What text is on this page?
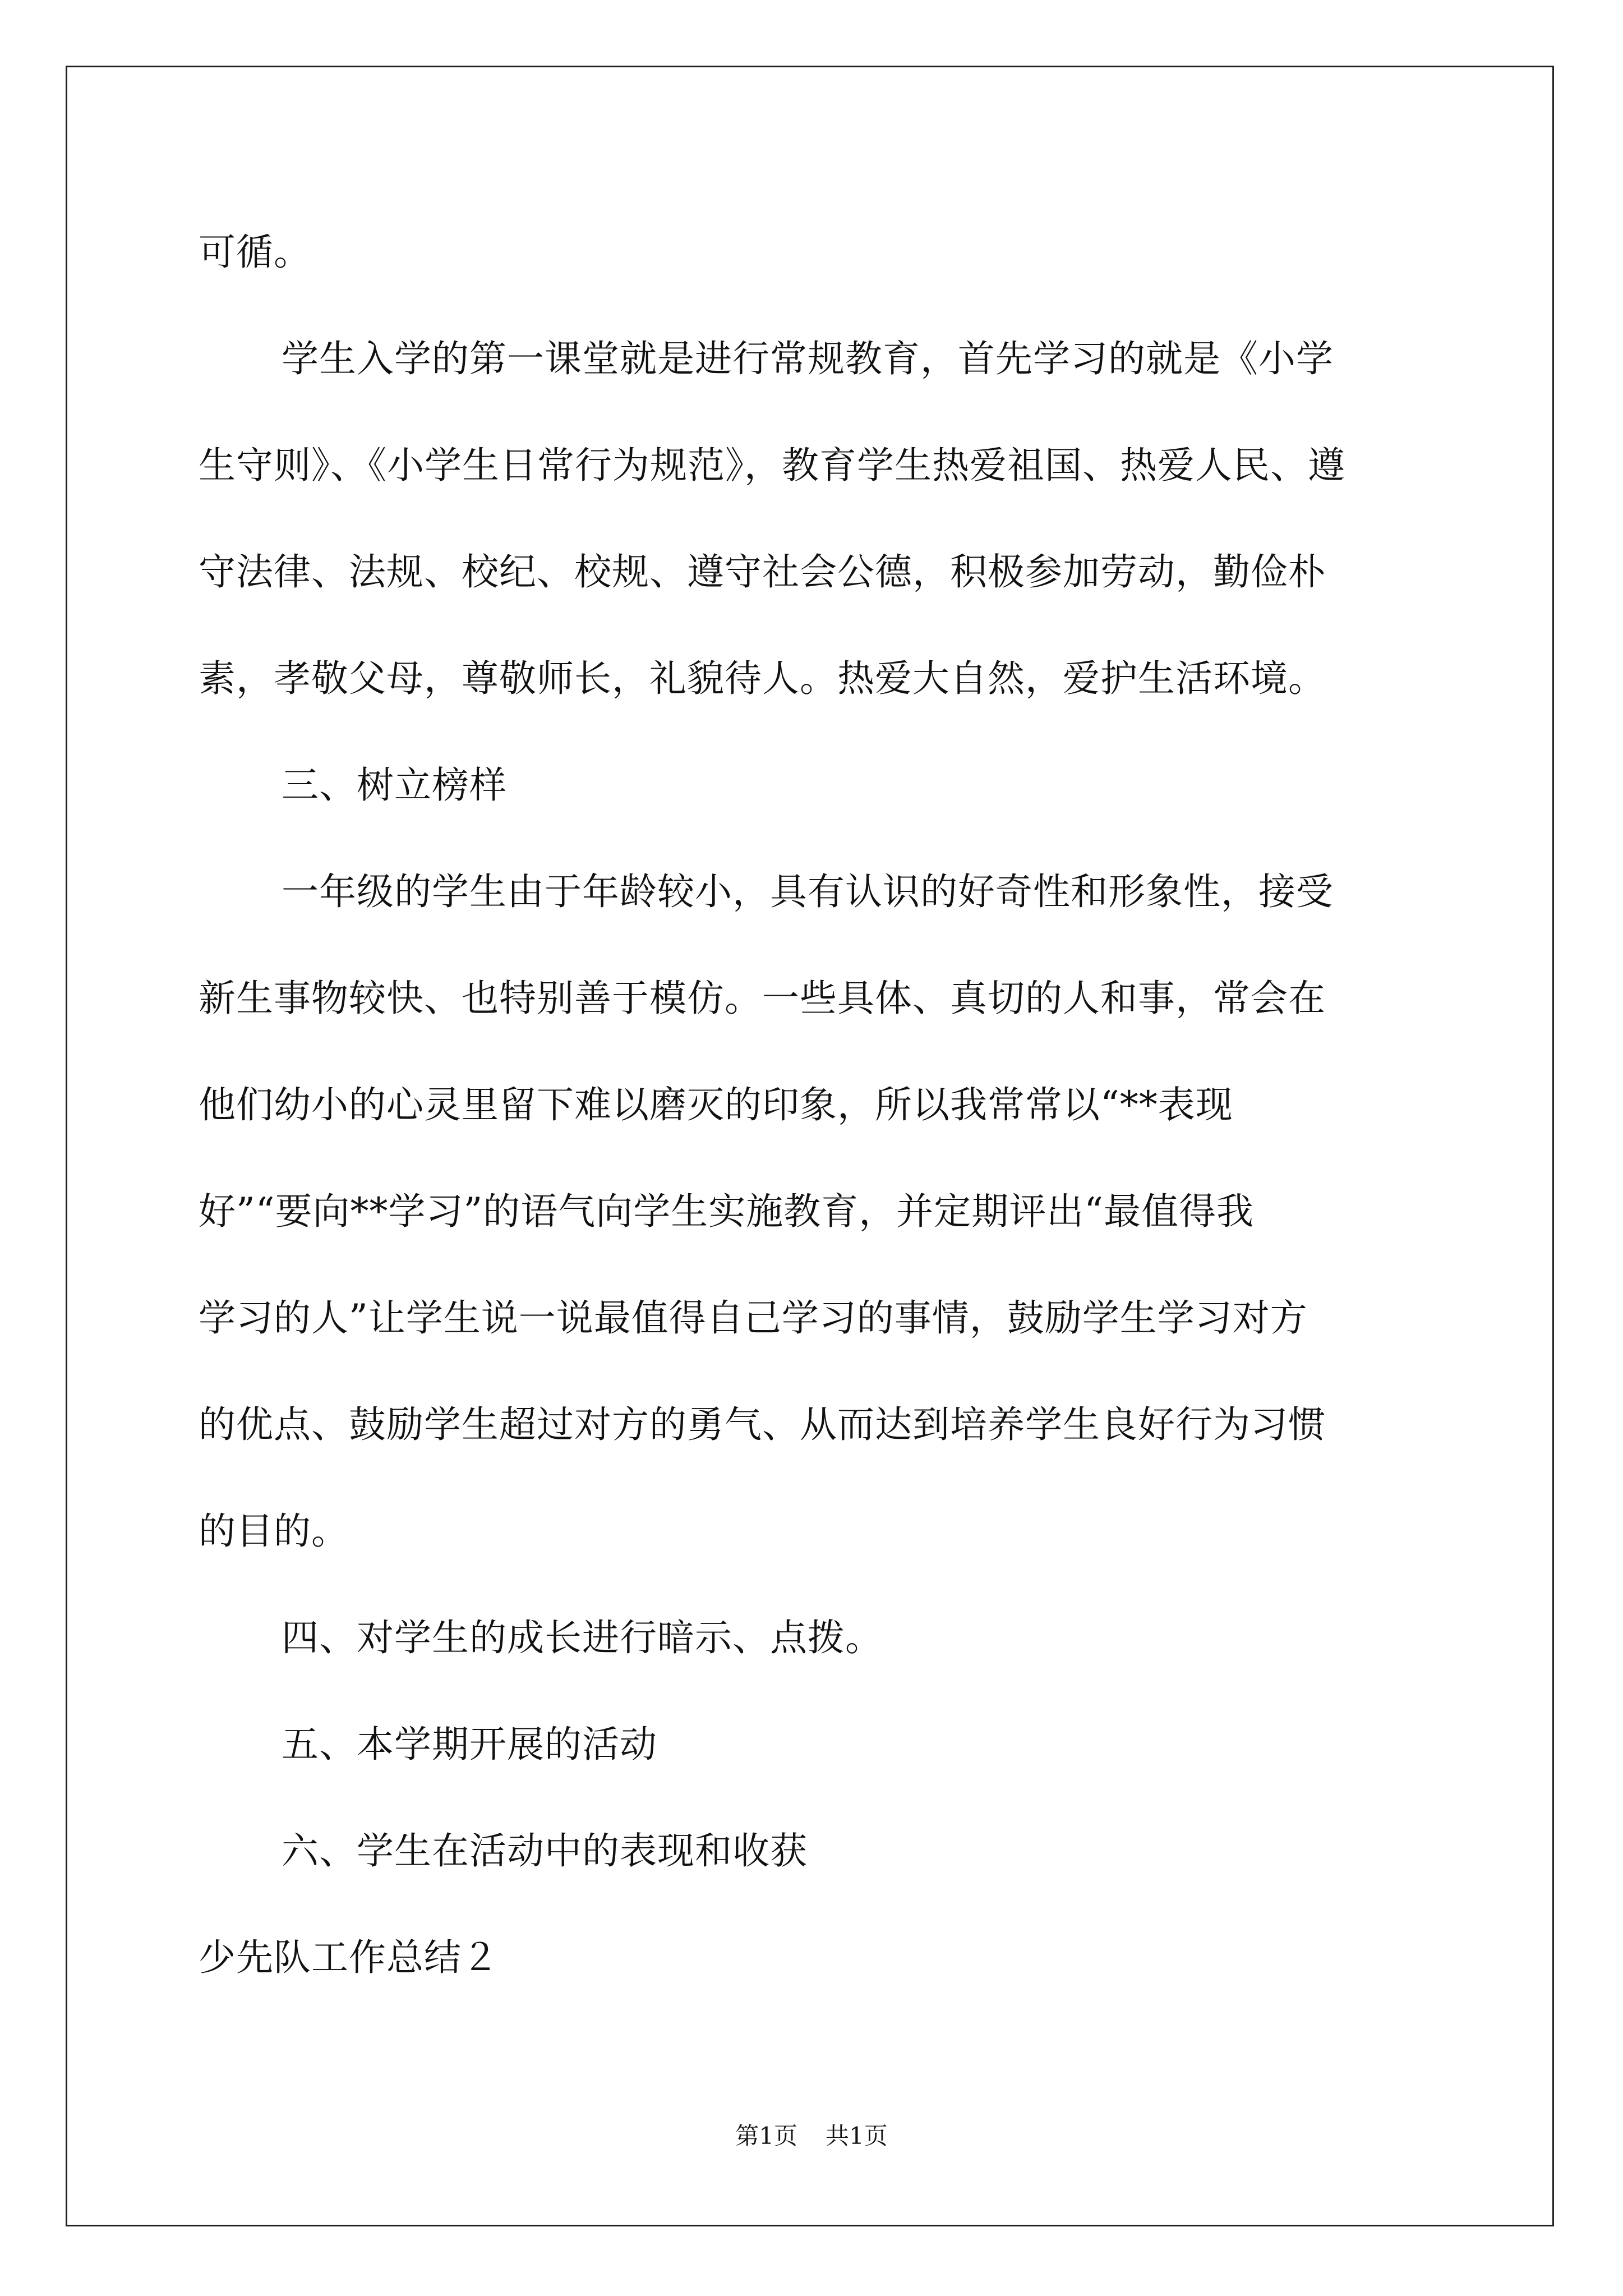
可循。
学生入学的第一课堂就是进行常规教育，首先学习的就是《小学
生守则》、《小学生日常行为规范》，教育学生热爱祖国、热爱人民、遵
守法律、法规、校纪、校规、遵守社会公德，积极参加劳动，勤俭朴
素，孝敬父母，尊敬师长，礼貌待人。热爱大自然，爱护生活环境。
三、树立榜样
一年级的学生由于年龄较小，具有认识的好奇性和形象性，接受
新生事物较快、也特别善于模仿。一些具体、真切的人和事，常会在
他们幼小的心灵里留下难以磨灭的印象，所以我常常以“**表现
好”“要向**学习”的语气向学生实施教育，并定期评出“最值得我
学习的人”让学生说一说最值得自己学习的事情，鼓励学生学习对方
的优点、鼓励学生超过对方的勇气、从而达到培养学生良好行为习惯
的目的。
四、对学生的成长进行暗示、点拨。
五、本学期开展的活动
六、学生在活动中的表现和收获
少先队工作总结２
第1页 共1页
